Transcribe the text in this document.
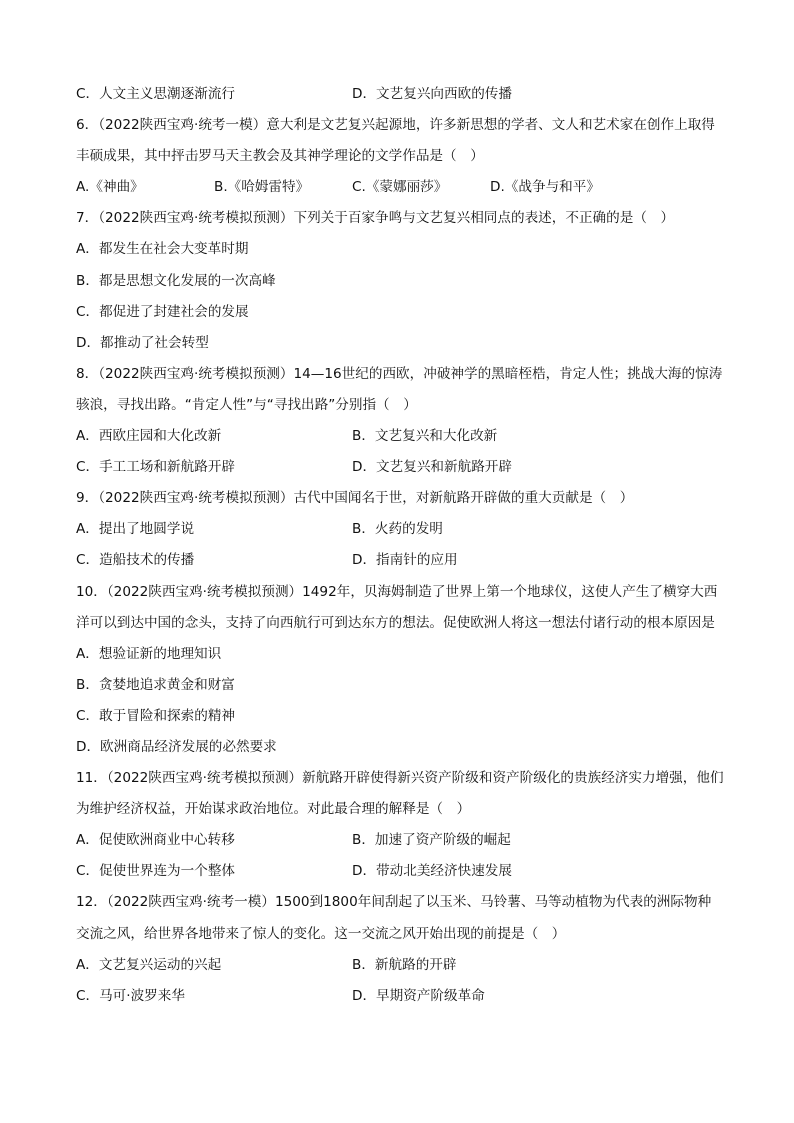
C．人文主义思潮逐渐流行	D．文艺复兴向西欧的传播
6．（2022陕西宝鸡·统考一模）意大利是文艺复兴起源地，许多新思想的学者、文人和艺术家在创作上取得丰硕成果，其中抨击罗马天主教会及其神学理论的文学作品是（　）
A.《神曲》	B.《哈姆雷特》	C.《蒙娜丽莎》	D.《战争与和平》
7．（2022陕西宝鸡·统考模拟预测）下列关于百家争鸣与文艺复兴相同点的表述，不正确的是（　）
A．都发生在社会大变革时期
B．都是思想文化发展的一次高峰
C．都促进了封建社会的发展
D．都推动了社会转型
8．（2022陕西宝鸡·统考模拟预测）14—16世纪的西欧，冲破神学的黑暗桎梏，肯定人性；挑战大海的惊涛骇浪，寻找出路。“肯定人性”与“寻找出路”分别指（　）
A．西欧庄园和大化改新	B．文艺复兴和大化改新
C．手工工场和新航路开辟	D．文艺复兴和新航路开辟
9．（2022陕西宝鸡·统考模拟预测）古代中国闻名于世，对新航路开辟做的重大贡献是（　）
A．提出了地圆学说	B．火药的发明
C．造船技术的传播	D．指南针的应用
10．（2022陕西宝鸡·统考模拟预测）1492年，贝海姆制造了世界上第一个地球仪，这使人产生了横穿大西洋可以到达中国的念头，支持了向西航行可到达东方的想法。促使欧洲人将这一想法付诸行动的根本原因是
A．想验证新的地理知识
B．贪婪地追求黄金和财富
C．敢于冒险和探索的精神
D．欧洲商品经济发展的必然要求
11．（2022陕西宝鸡·统考模拟预测）新航路开辟使得新兴资产阶级和资产阶级化的贵族经济实力增强，他们为维护经济权益，开始谋求政治地位。对此最合理的解释是（　）
A．促使欧洲商业中心转移	B．加速了资产阶级的崛起
C．促使世界连为一个整体	D．带动北美经济快速发展
12．（2022陕西宝鸡·统考一模）1500到1800年间刮起了以玉米、马铃薯、马等动植物为代表的洲际物种交流之风，给世界各地带来了惊人的变化。这一交流之风开始出现的前提是（　）
A．文艺复兴运动的兴起	B．新航路的开辟
C．马可·波罗来华	D．早期资产阶级革命
